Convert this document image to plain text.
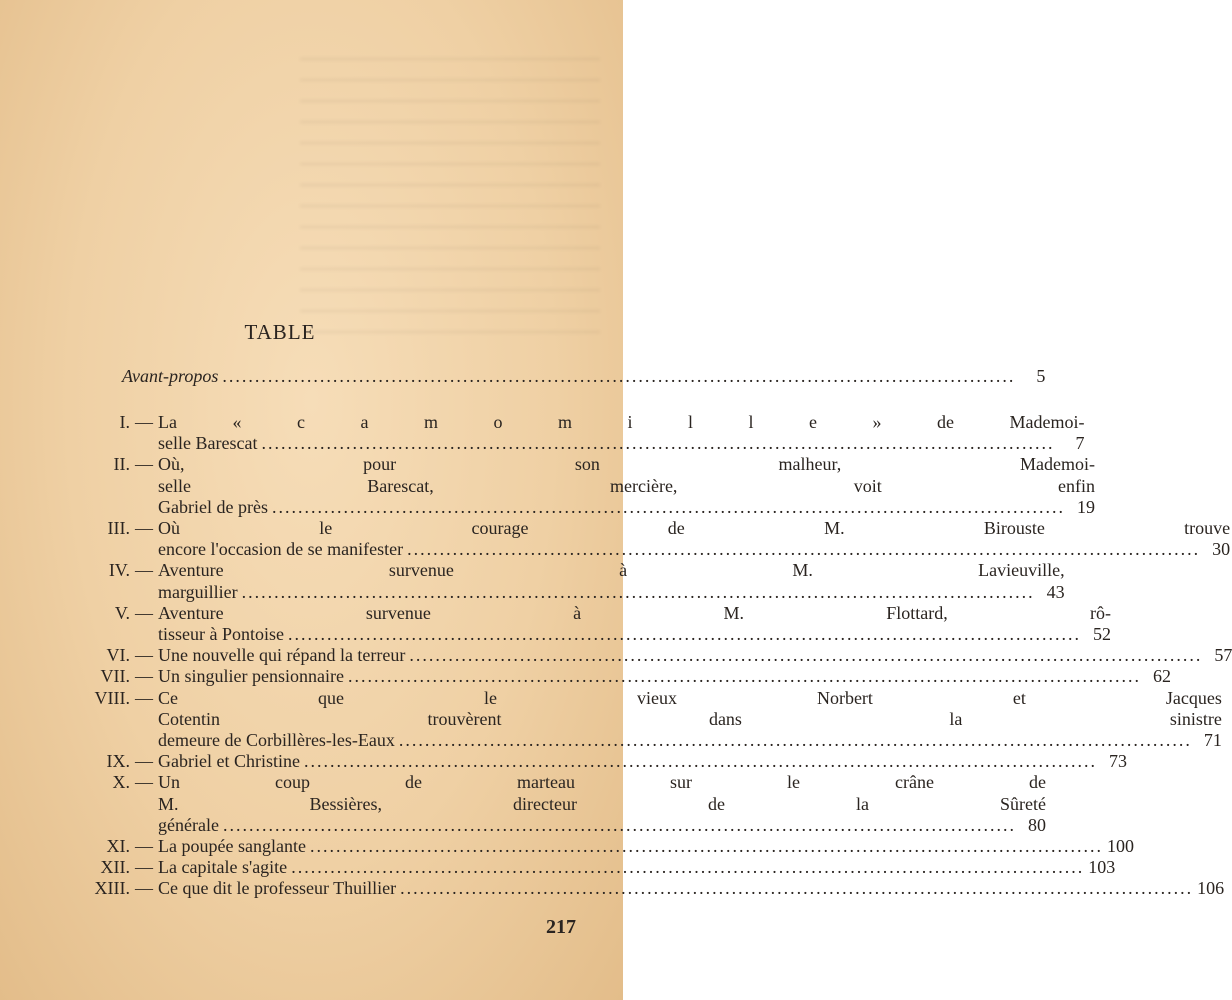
TABLE
Avant-propos .....	5
I. — La « c a m o m i l l e » de Mademoi-
selle Barescat .....	7
II. — Où, pour son malheur, Mademoi-
selle Barescat, mercière, voit enfin
Gabriel de près .....	19
III. — Où le courage de M. Birouste trouve
encore l'occasion de se manifester .....	30
IV. — Aventure survenue à M. Lavieuville,
marguillier .....	43
V. — Aventure survenue à M. Flottard, rô-
tisseur à Pontoise .....	52
VI. — Une nouvelle qui répand la terreur .....	57
VII. — Un singulier pensionnaire .....	62
VIII. — Ce que le vieux Norbert et Jacques
Cotentin trouvèrent dans la sinistre
demeure de Corbillères-les-Eaux .....	71
IX. — Gabriel et Christine .....	73
X. — Un coup de marteau sur le crâne de
M. Bessières, directeur de la Sûreté
générale .....	80
XI. — La poupée sanglante .....	100
XII. — La capitale s'agite .....	103
XIII. — Ce que dit le professeur Thuillier .....	106
217
